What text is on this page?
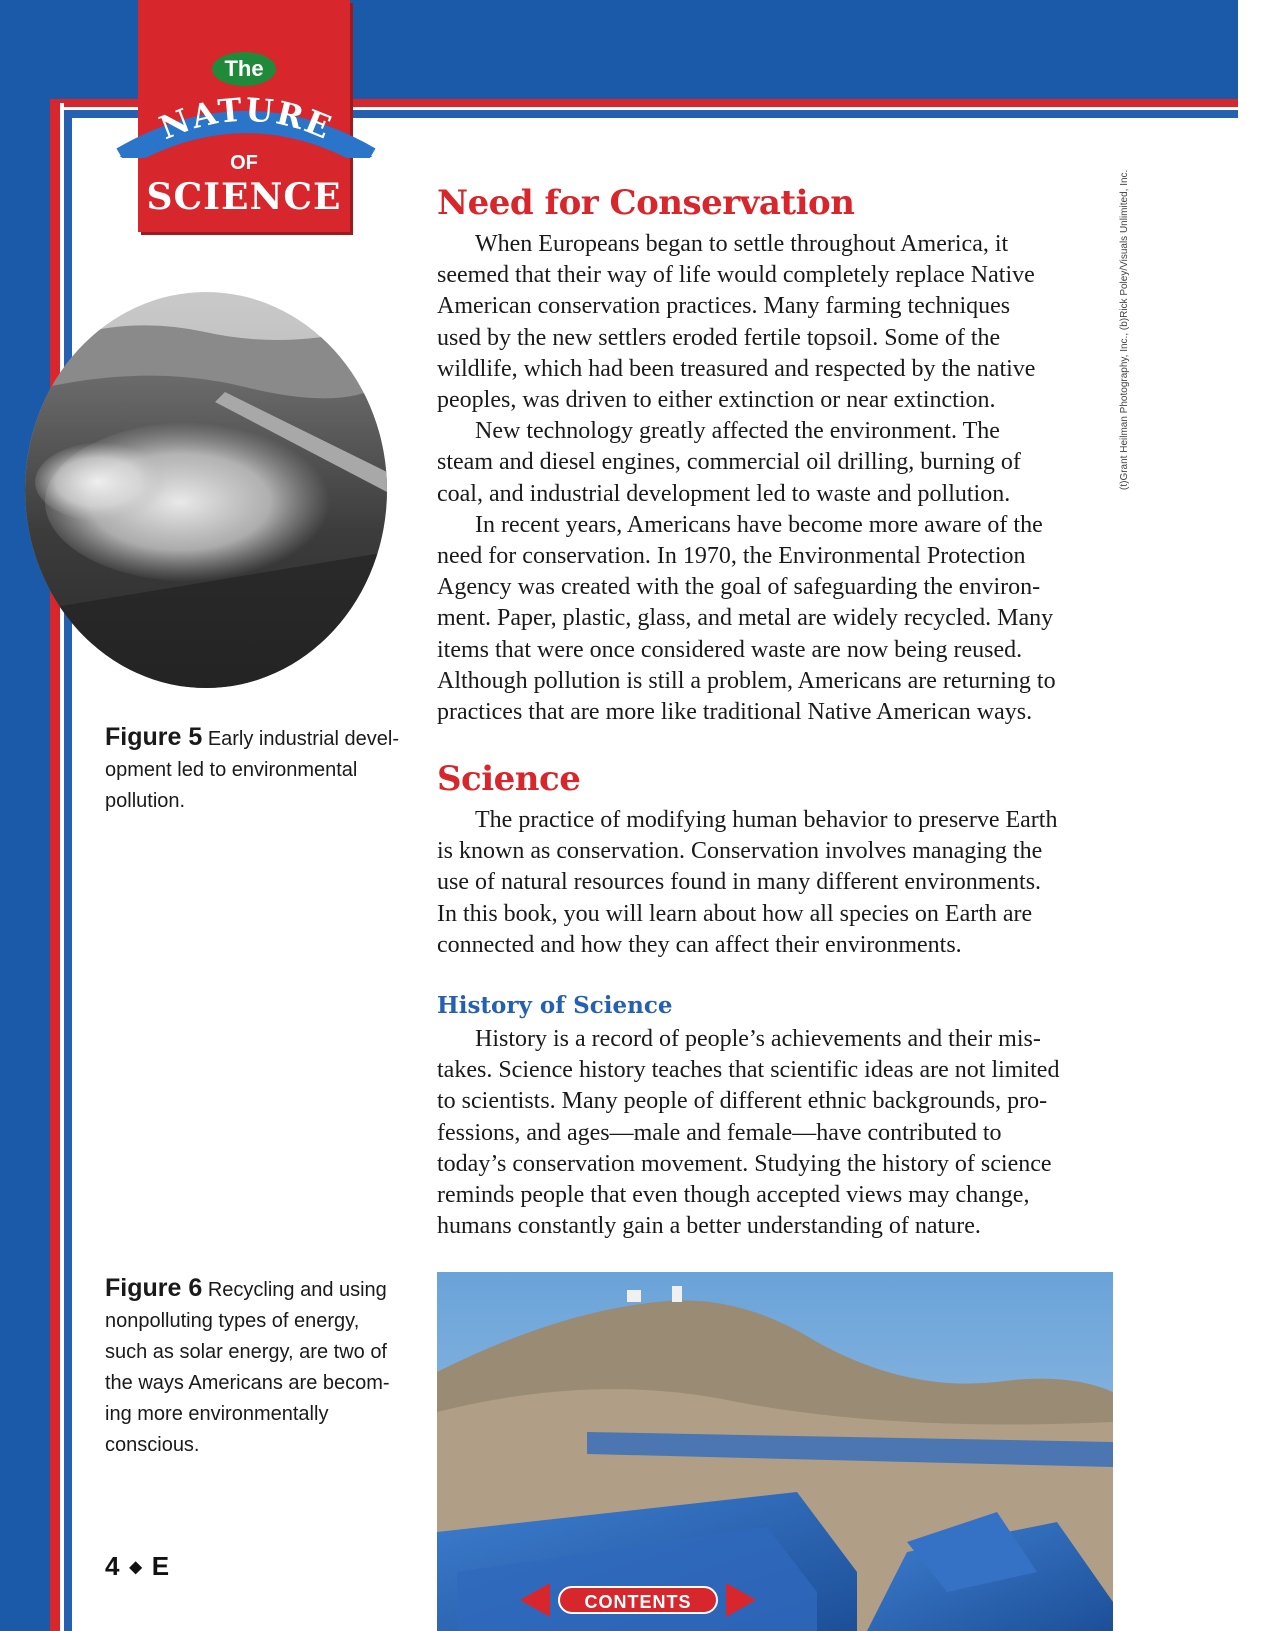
The
NATURE
OF
SCIENCE
Figure 5 Early industrial devel-
opment led to environmental
pollution.
Need for Conservation

When Europeans began to settle throughout America, it
seemed that their way of life would completely replace Native
American conservation practices. Many farming techniques
used by the new settlers eroded fertile topsoil. Some of the
wildlife, which had been treasured and respected by the native
peoples, was driven to either extinction or near extinction.

New technology greatly affected the environment. The
steam and diesel engines, commercial oil drilling, burning of
coal, and industrial development led to waste and pollution.

In recent years, Americans have become more aware of the
need for conservation. In 1970, the Environmental Protection
Agency was created with the goal of safeguarding the environ-
ment. Paper, plastic, glass, and metal are widely recycled. Many
items that were once considered waste are now being reused.
Although pollution is still a problem, Americans are returning to
practices that are more like traditional Native American ways.

Science

The practice of modifying human behavior to preserve Earth
is known as conservation. Conservation involves managing the
use of natural resources found in many different environments.
In this book, you will learn about how all species on Earth are
connected and how they can affect their environments.

History of Science

History is a record of people’s achievements and their mis-
takes. Science history teaches that scientific ideas are not limited
to scientists. Many people of different ethnic backgrounds, pro-
fessions, and ages—male and female—have contributed to
today’s conservation movement. Studying the history of science
reminds people that even though accepted views may change,
humans constantly gain a better understanding of nature.

Figure 6 Recycling and using
nonpolluting types of energy,
such as solar energy, are two of
the ways Americans are becom-
ing more environmentally
conscious.
(t)Grant Heilman Photography, Inc., (b)Rick Poley/Visuals Unlimited, Inc.
4 ◆ E
CONTENTS
